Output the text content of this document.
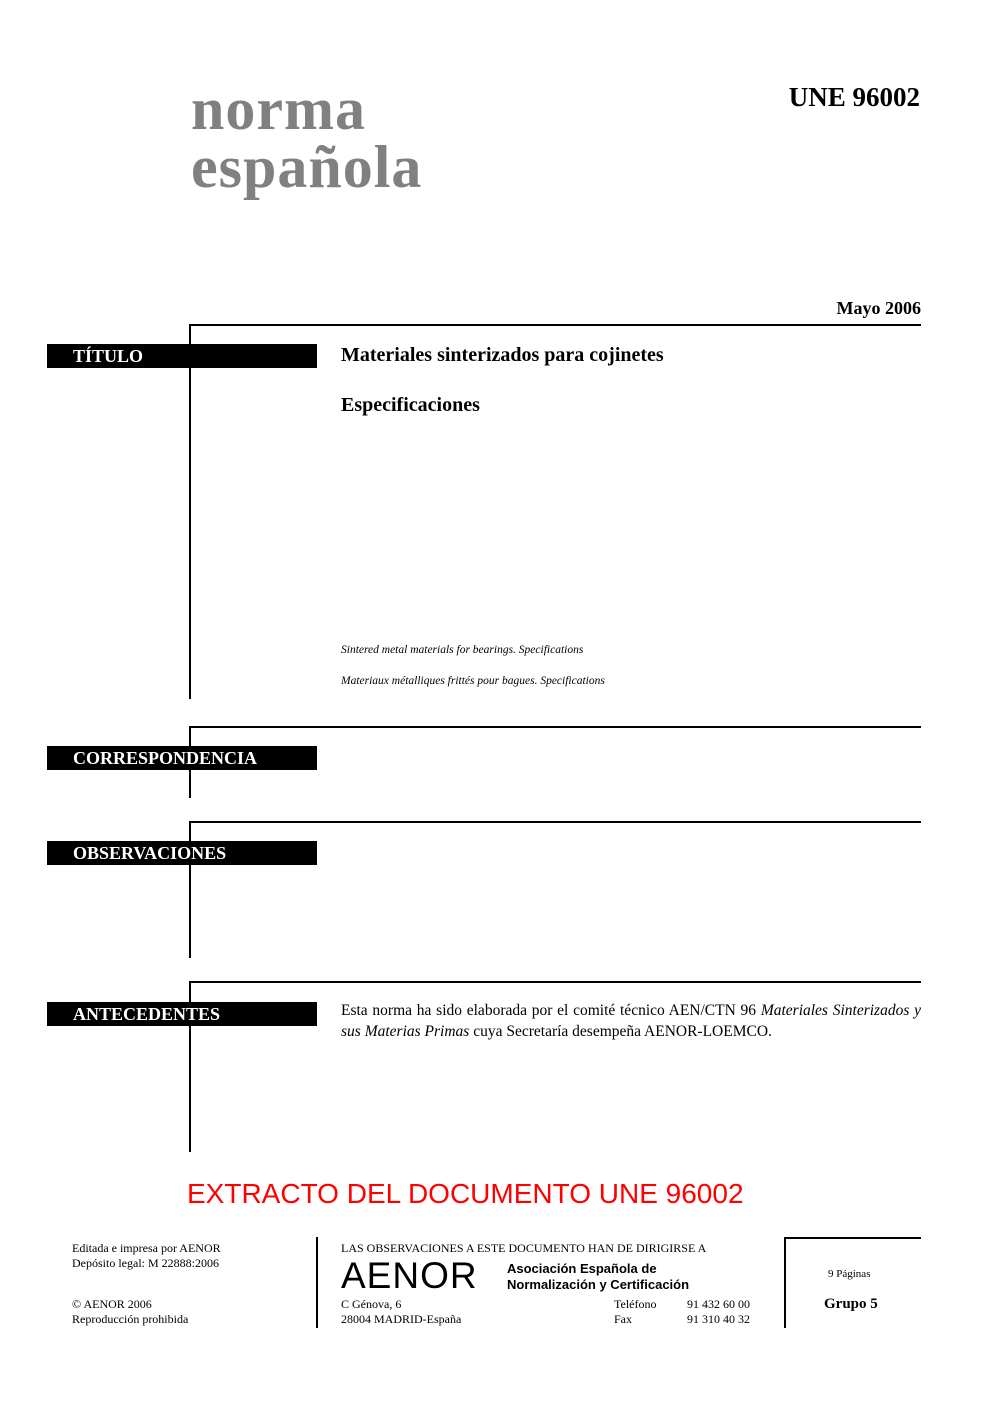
norma
española
UNE 96002
Mayo 2006
TÍTULO	Materiales sinterizados para cojinetes
Especificaciones
Sintered metal materials for bearings. Specifications
Materiaux métalliques frittés pour bagues. Specifications
CORRESPONDENCIA
OBSERVACIONES
ANTECEDENTES	Esta norma ha sido elaborada por el comité técnico AEN/CTN 96 Materiales Sinterizados y sus Materias Primas cuya Secretaría desempeña AENOR-LOEMCO.
EXTRACTO DEL DOCUMENTO UNE 96002
Editada e impresa por AENOR
Depósito legal: M 22888:2006
© AENOR 2006
Reproducción prohibida
LAS OBSERVACIONES A ESTE DOCUMENTO HAN DE DIRIGIRSE A
AENOR Asociación Española de
Normalización y Certificación
C Génova, 6
28004 MADRID-España
Teléfono
Fax
91 432 60 00
91 310 40 32
9 Páginas
Grupo 5
